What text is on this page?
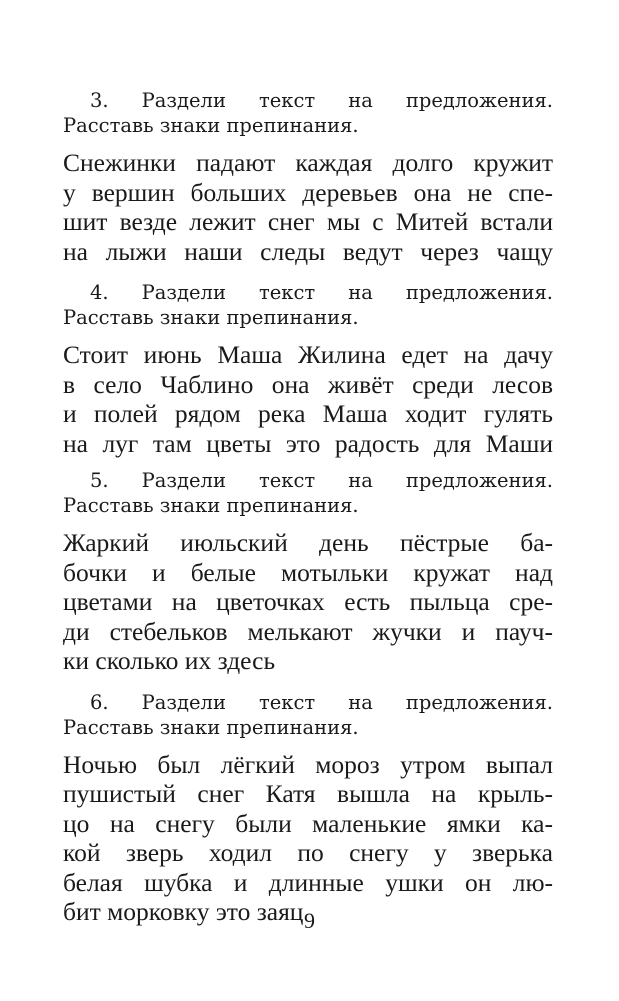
3. Раздели текст на предложения.
Расставь знаки препинания.
Снежинки падают каждая долго кружит
у вершин больших деревьев она не спе-
шит везде лежит снег мы с Митей встали
на лыжи наши следы ведут через чащу
4. Раздели текст на предложения.
Расставь знаки препинания.
Стоит июнь Маша Жилина едет на дачу
в село Чаблино она живёт среди лесов
и полей рядом река Маша ходит гулять
на луг там цветы это радость для Маши
5. Раздели текст на предложения.
Расставь знаки препинания.
Жаркий июльский день пёстрые ба-
бочки и белые мотыльки кружат над
цветами на цветочках есть пыльца сре-
ди стебельков мелькают жучки и пауч-
ки сколько их здесь
6. Раздели текст на предложения.
Расставь знаки препинания.
Ночью был лёгкий мороз утром выпал
пушистый снег Катя вышла на крыль-
цо на снегу были маленькие ямки ка-
кой зверь ходил по снегу у зверька
белая шубка и длинные ушки он лю-
бит морковку это заяц 9
